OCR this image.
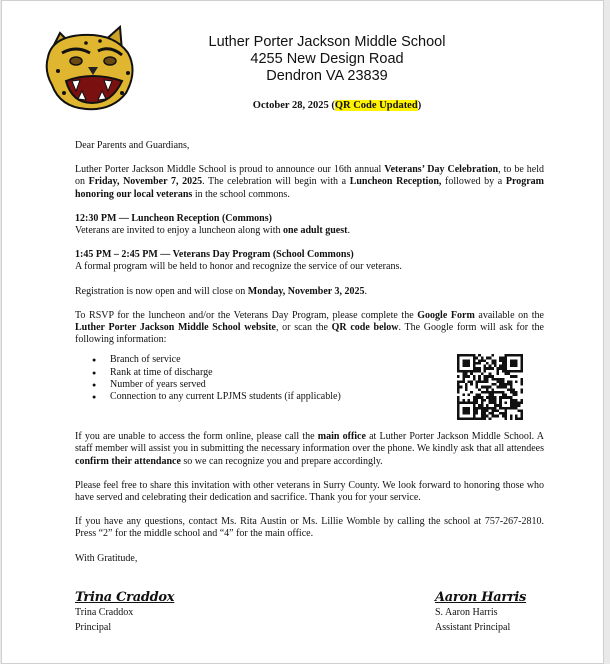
Luther Porter Jackson Middle School
4255 New Design Road
Dendron VA 23839
October 28, 2025 (QR Code Updated)

Dear Parents and Guardians,

Luther Porter Jackson Middle School is proud to announce our 16th annual Veterans’ Day Celebration, to be held on Friday, November 7, 2025. The celebration will begin with a Luncheon Reception, followed by a Program honoring our local veterans in the school commons.

12:30 PM — Luncheon Reception (Commons)
Veterans are invited to enjoy a luncheon along with one adult guest.

1:45 PM – 2:45 PM — Veterans Day Program (School Commons)
A formal program will be held to honor and recognize the service of our veterans.

Registration is now open and will close on Monday, November 3, 2025.

To RSVP for the luncheon and/or the Veterans Day Program, please complete the Google Form available on the Luther Porter Jackson Middle School website, or scan the QR code below. The Google form will ask for the following information:

● Branch of service
● Rank at time of discharge
● Number of years served
● Connection to any current LPJMS students (if applicable)

If you are unable to access the form online, please call the main office at Luther Porter Jackson Middle School. A staff member will assist you in submitting the necessary information over the phone. We kindly ask that all attendees confirm their attendance so we can recognize you and prepare accordingly.

Please feel free to share this invitation with other veterans in Surry County. We look forward to honoring those who have served and celebrating their dedication and sacrifice. Thank you for your service.

If you have any questions, contact Ms. Rita Austin or Ms. Lillie Womble by calling the school at 757-267-2810. Press “2” for the middle school and “4” for the main office.

With Gratitude,

Trina Craddox
Trina Craddox
Principal
Aaron Harris
S. Aaron Harris
Assistant Principal
